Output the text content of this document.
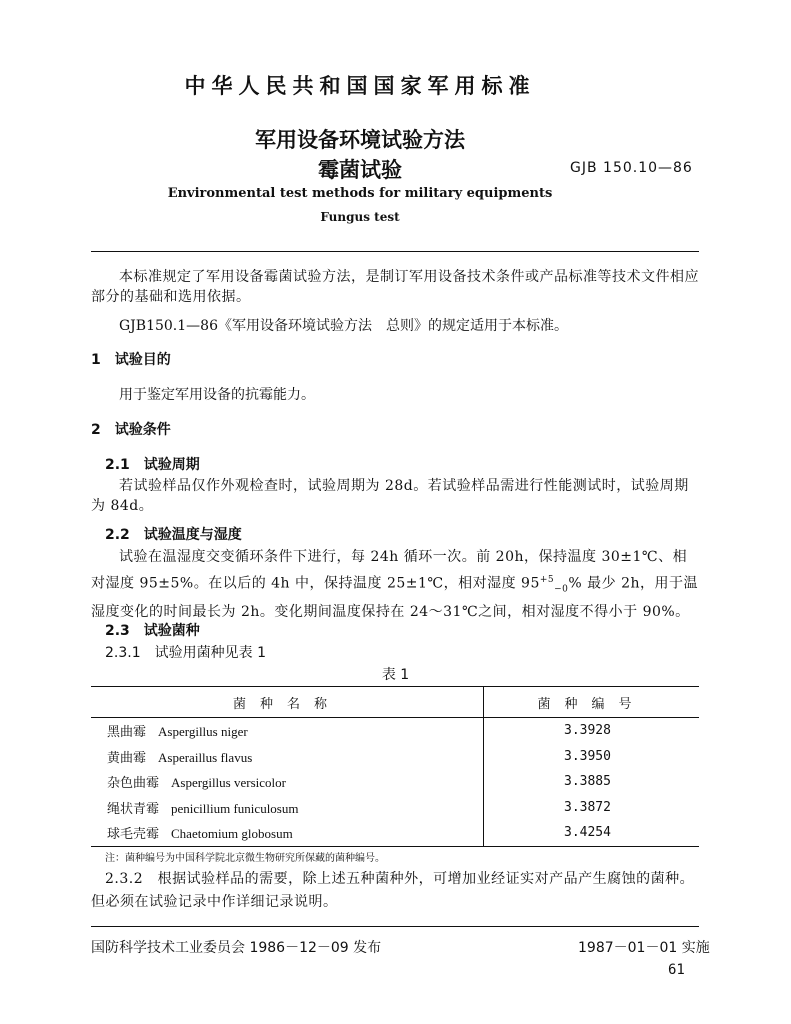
中华人民共和国国家军用标准
军用设备环境试验方法
霉菌试验	GJB 150.10—86
Environmental test methods for military equipments
Fungus test

本标准规定了军用设备霉菌试验方法，是制订军用设备技术条件或产品标准等技术文件相应部分的基础和选用依据。

GJB150.1—86《军用设备环境试验方法　总则》的规定适用于本标准。

1　试验目的

用于鉴定军用设备的抗霉能力。

2　试验条件
2.1　试验周期

若试验样品仅作外观检查时，试验周期为 28d。若试验样品需进行性能测试时，试验周期为 84d。

2.2　试验温度与湿度

试验在温湿度交变循环条件下进行，每 24h 循环一次。前 20h，保持温度 30±1℃、相对湿度 95±5%。在以后的 4h 中，保持温度 25±1℃，相对湿度 $95^{+5}_{-0}\%$ 最少 2h，用于温湿度变化的时间最长为 2h。变化期间温度保持在 24～31℃之间，相对湿度不得小于 90%。

2.3　试验菌种
2.3.1　试验用菌种见表 1
表 1
菌种名称	菌种编号
黑曲霉 Aspergillus niger	3.3928
黄曲霉 Asperaillus flavus	3.3950
杂色曲霉 Aspergillus versicolor	3.3885
绳状青霉 penicillium funiculosum	3.3872
球毛壳霉 Chaetomium globosum	3.4254
注：菌种编号为中国科学院北京微生物研究所保藏的菌种编号。

2.3.2　根据试验样品的需要，除上述五种菌种外，可增加业经证实对产品产生腐蚀的菌种。但必须在试验记录中作详细记录说明。

国防科学技术工业委员会 1986－12－09 发布	1987－01－01 实施
61
